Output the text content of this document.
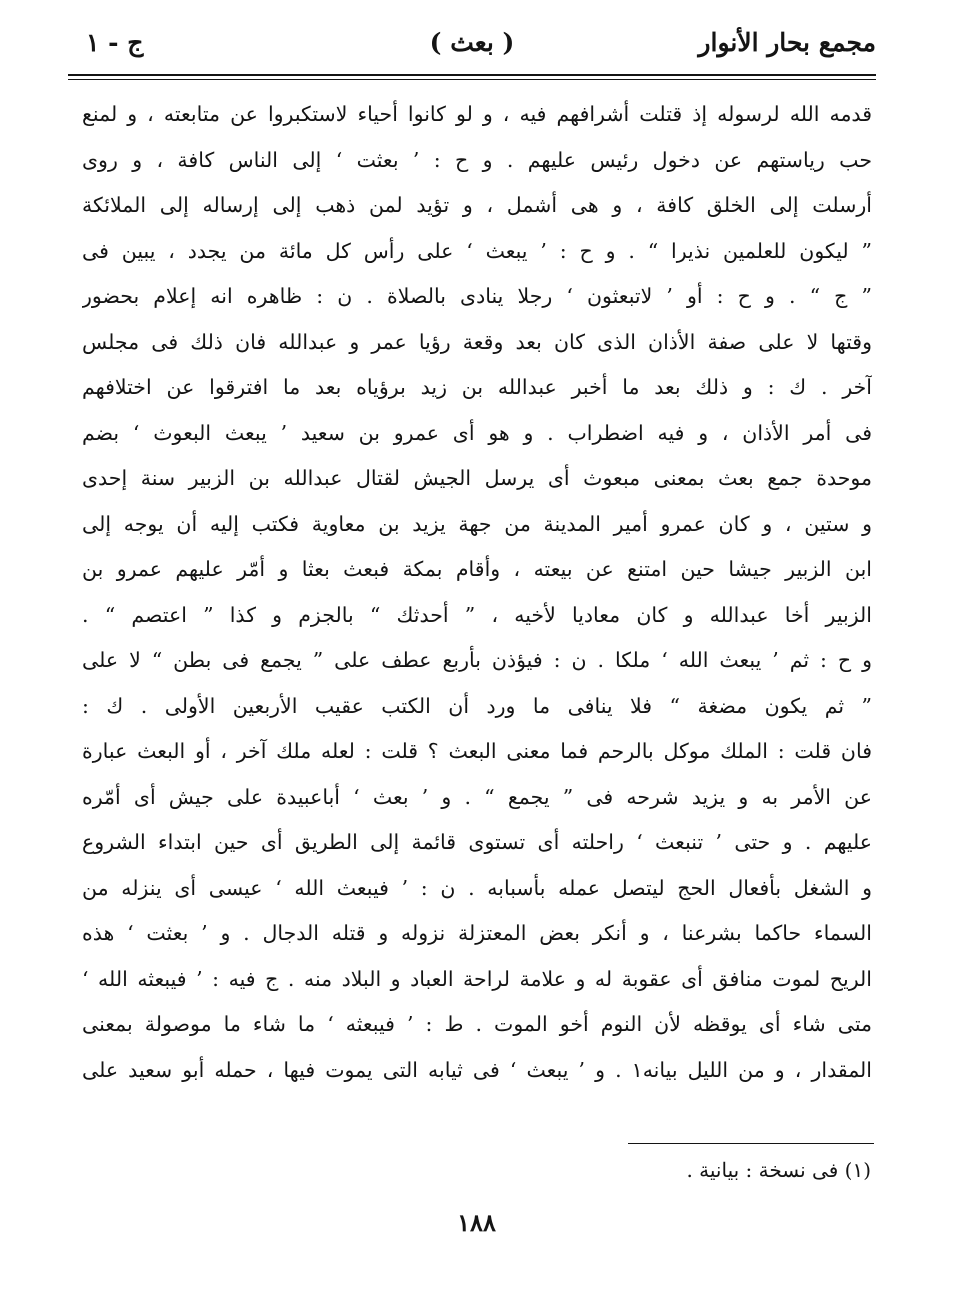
مجمع بحار الأنوار
( بعث )
ج - ١
قدمه الله لرسوله إذ قتلت أشرافهم فيه ، و لو كانوا أحياء لاستكبروا عن متابعته ، و لمنع
حب رياستهم عن دخول رئيس عليهم . و ح : ’ بعثت ‘ إلى الناس كافة ، و روى
أرسلت إلى الخلق كافة ، و هى أشمل ، و تؤيد لمن ذهب إلى إرساله إلى الملائكة
” ليكون للعلمين نذيرا “ . و ح : ’ يبعث ‘ على رأس كل مائة من يجدد ، يبين فى
” ج “ . و ح : أو ’ لاتبعثون ‘ رجلا ينادى بالصلاة . ن : ظاهره انه إعلام بحضور
وقتها لا على صفة الأذان الذى كان بعد وقعة رؤيا عمر و عبدالله فان ذلك فى مجلس
آخر . ك : و ذلك بعد ما أخبر عبدالله بن زيد برؤياه بعد ما افترقوا عن اختلافهم
فى أمر الأذان ، و فيه اضطراب . و هو أى عمرو بن سعيد ’ يبعث البعوث ‘ بضم
موحدة جمع بعث بمعنى مبعوث أى يرسل الجيش لقتال عبدالله بن الزبير سنة إحدى
و ستين ، و كان عمرو أمير المدينة من جهة يزيد بن معاوية فكتب إليه أن يوجه إلى
ابن الزبير جيشا حين امتنع عن بيعته ، وأقام بمكة فبعث بعثا و أمّر عليهم عمرو بن
الزبير أخا عبدالله و كان معاديا لأخيه ، ” أحدثك “ بالجزم و كذا ” اعتصم “ .
و ح : ثم ’ يبعث الله ‘ ملكا . ن : فيؤذن بأربع عطف على ” يجمع فى بطن “ لا على
” ثم يكون مضغة “ فلا ينافى ما ورد أن الكتب عقيب الأربعين الأولى . ك :
فان قلت : الملك موكل بالرحم فما معنى البعث ؟ قلت : لعله ملك آخر ، أو البعث عبارة
عن الأمر به و يزيد شرحه فى ” يجمع “ . و ’ بعث ‘ أباعبيدة على جيش أى أمّره
عليهم . و حتى ’ تنبعث ‘ راحلته أى تستوى قائمة إلى الطريق أى حين ابتداء الشروع
و الشغل بأفعال الحج ليتصل عمله بأسبابه . ن : ’ فيبعث الله ‘ عيسى أى ينزله من
السماء حاكما بشرعنا ، و أنكر بعض المعتزلة نزوله و قتله الدجال . و ’ بعثت ‘ هذه
الريح لموت منافق أى عقوبة له و علامة لراحة العباد و البلاد منه . ج فيه : ’ فيبعثه الله ‘
متى شاء أى يوقظه لأن النوم أخو الموت . ط : ’ فيبعثه ‘ ما شاء ما موصولة بمعنى
المقدار ، و من الليل بيانه١ . و ’ يبعث ‘ فى ثيابه التى يموت فيها ، حمله أبو سعيد على
(١) فى نسخة : بيانية .
١٨٨
